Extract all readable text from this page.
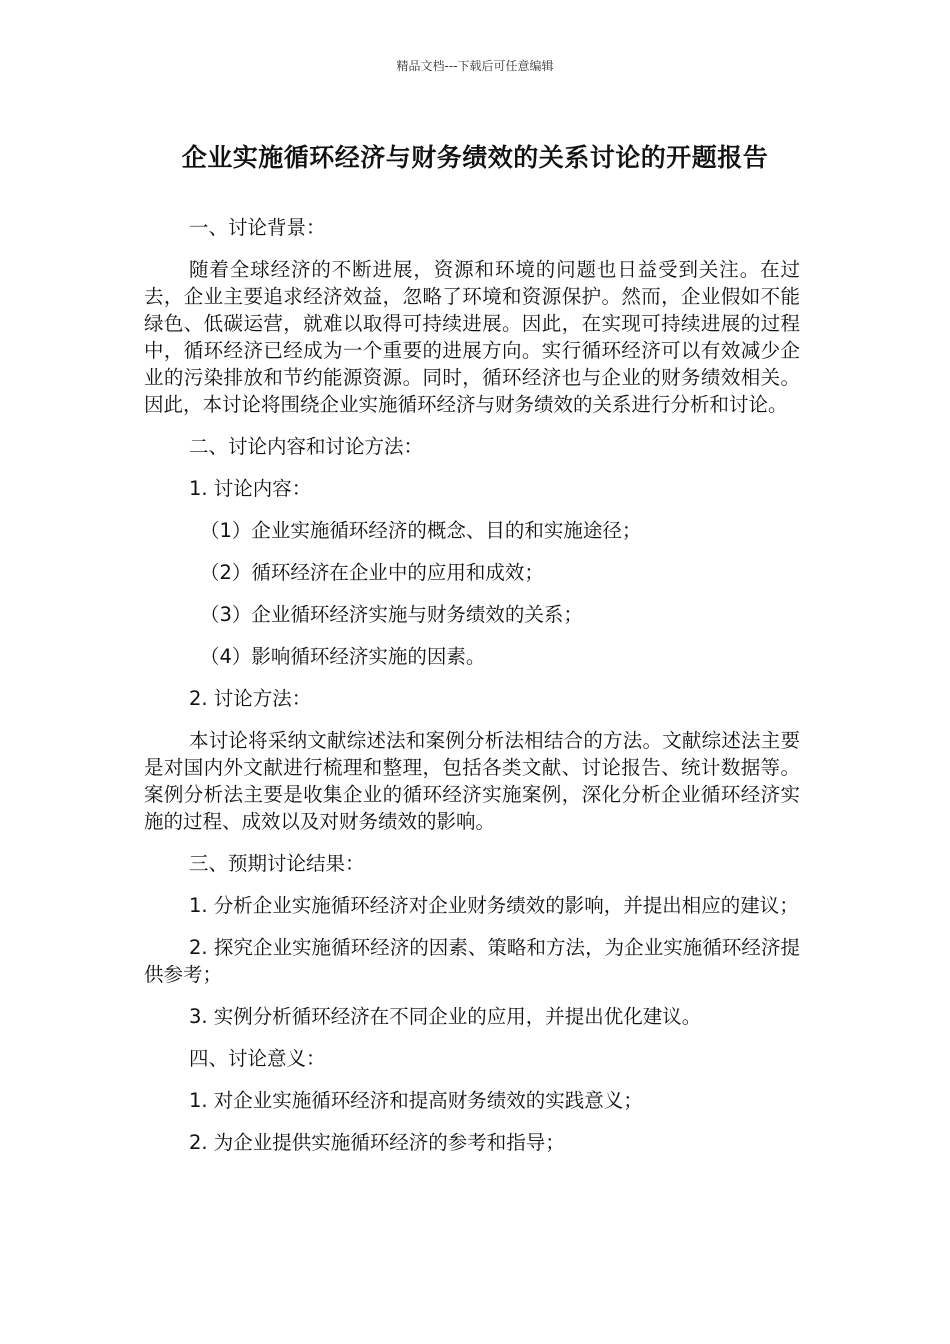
精品文档---下载后可任意编辑
企业实施循环经济与财务绩效的关系讨论的开题报告

一、讨论背景：

随着全球经济的不断进展，资源和环境的问题也日益受到关注。在过去，企业主要追求经济效益，忽略了环境和资源保护。然而，企业假如不能绿色、低碳运营，就难以取得可持续进展。因此，在实现可持续进展的过程中，循环经济已经成为一个重要的进展方向。实行循环经济可以有效减少企业的污染排放和节约能源资源。同时，循环经济也与企业的财务绩效相关。因此，本讨论将围绕企业实施循环经济与财务绩效的关系进行分析和讨论。

二、讨论内容和讨论方法：

1. 讨论内容：

（1）企业实施循环经济的概念、目的和实施途径；

（2）循环经济在企业中的应用和成效；

（3）企业循环经济实施与财务绩效的关系；

（4）影响循环经济实施的因素。

2. 讨论方法：

本讨论将采纳文献综述法和案例分析法相结合的方法。文献综述法主要是对国内外文献进行梳理和整理，包括各类文献、讨论报告、统计数据等。案例分析法主要是收集企业的循环经济实施案例，深化分析企业循环经济实施的过程、成效以及对财务绩效的影响。

三、预期讨论结果：

1. 分析企业实施循环经济对企业财务绩效的影响，并提出相应的建议；

2. 探究企业实施循环经济的因素、策略和方法，为企业实施循环经济提供参考；

3. 实例分析循环经济在不同企业的应用，并提出优化建议。

四、讨论意义：

1. 对企业实施循环经济和提高财务绩效的实践意义；

2. 为企业提供实施循环经济的参考和指导；
